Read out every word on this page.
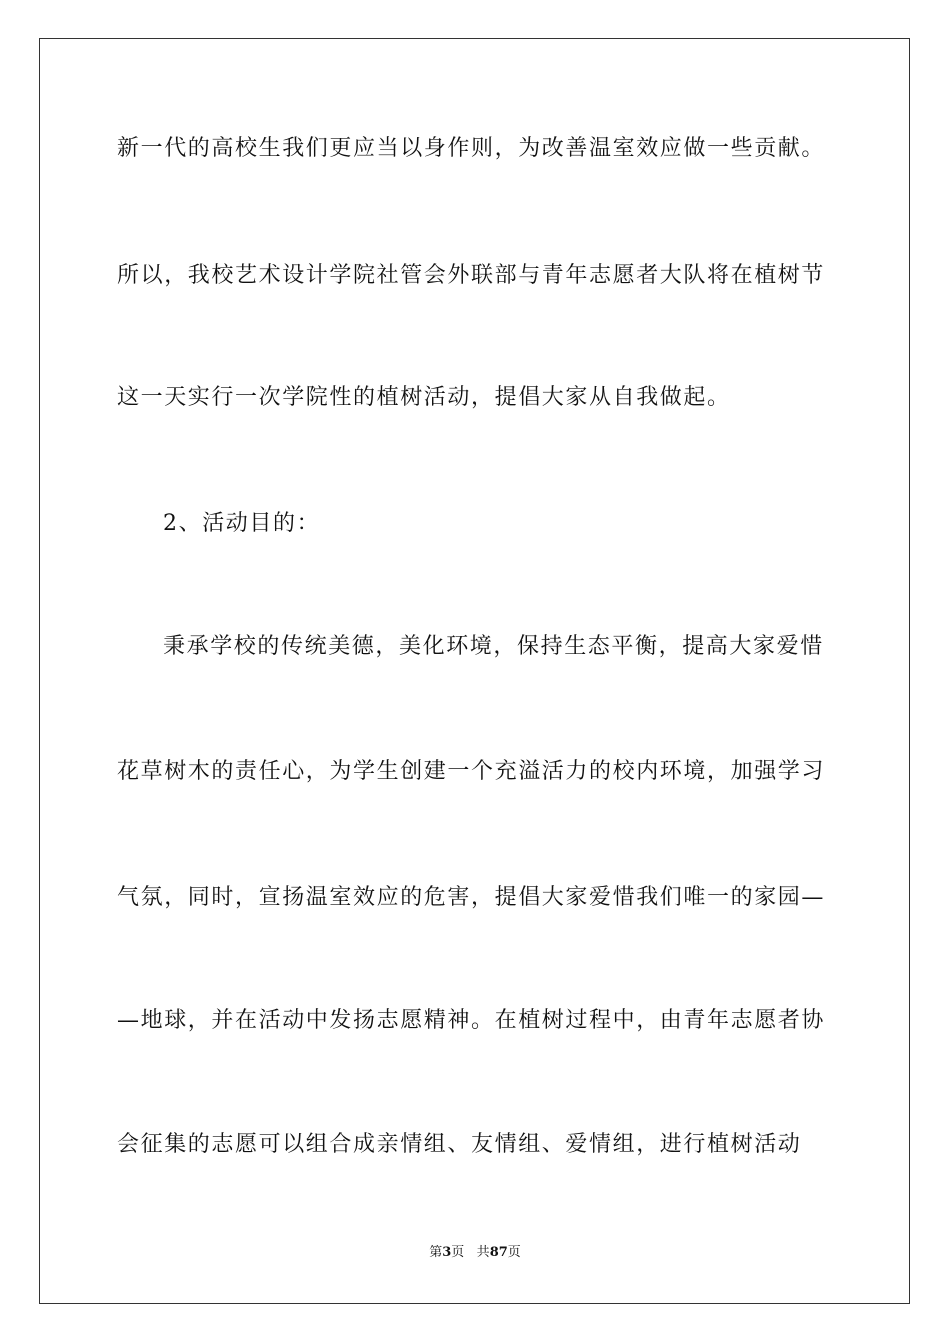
新一代的高校生我们更应当以身作则，为改善温室效应做一些贡献。
所以，我校艺术设计学院社管会外联部与青年志愿者大队将在植树节
这一天实行一次学院性的植树活动，提倡大家从自我做起。
2、活动目的：
秉承学校的传统美德，美化环境，保持生态平衡，提高大家爱惜
花草树木的责任心，为学生创建一个充溢活力的校内环境，加强学习
气氛，同时，宣扬温室效应的危害，提倡大家爱惜我们唯一的家园—
—地球，并在活动中发扬志愿精神。在植树过程中，由青年志愿者协
会征集的志愿可以组合成亲情组、友情组、爱情组，进行植树活动
第3页 共87页
